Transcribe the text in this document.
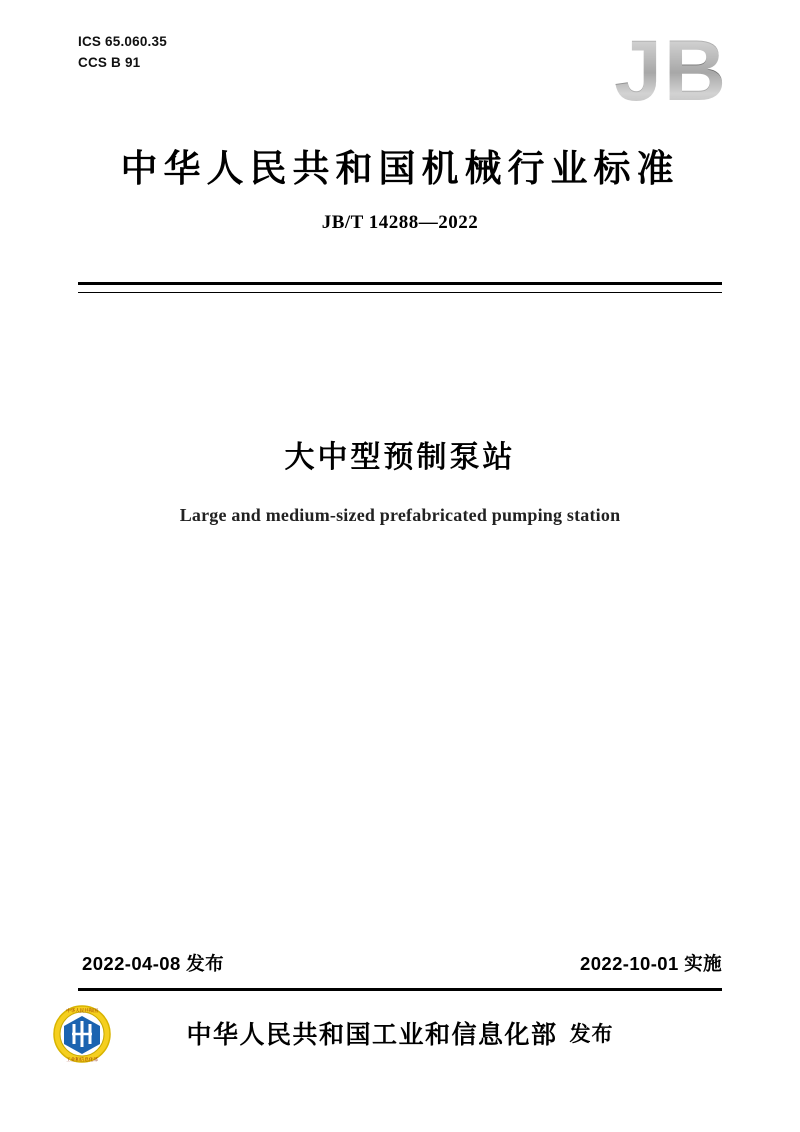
ICS 65.060.35
CCS B 91	JB
中华人民共和国机械行业标准
JB/T 14288—2022
大中型预制泵站
Large and medium-sized prefabricated pumping station
2022-04-08 发布	2022-10-01 实施
中华人民共和国
工业和信息化部
中华人民共和国工业和信息化部 发布
